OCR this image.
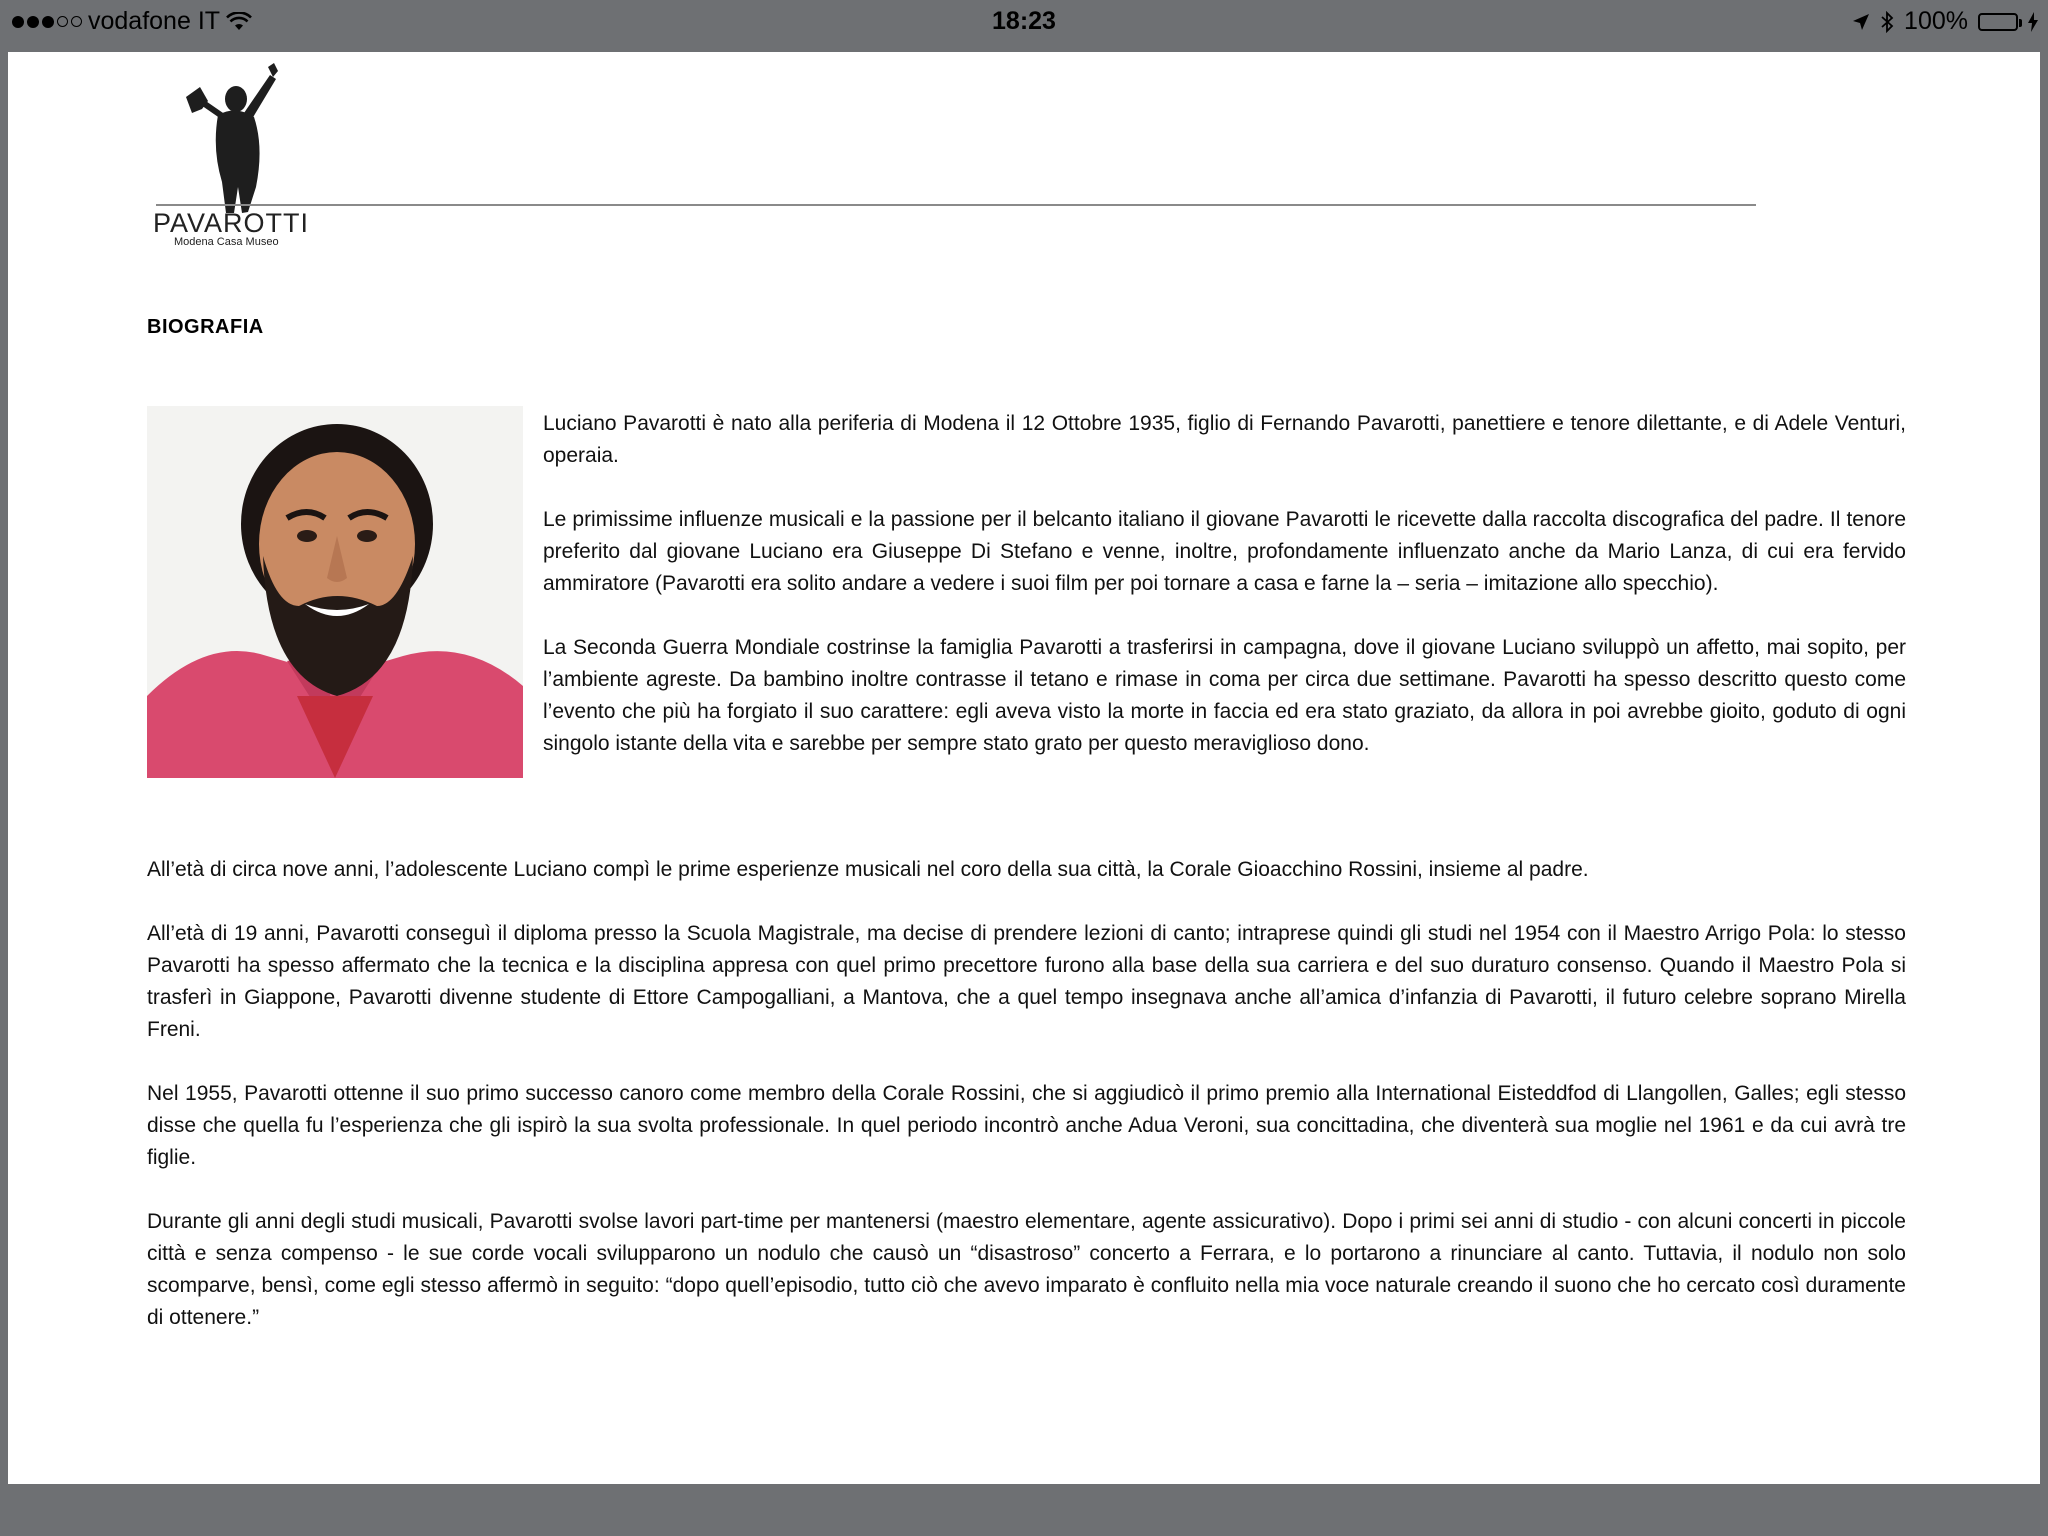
vodafone IT	18:23	100%
PAVAROTTI
Modena Casa Museo
BIOGRAFIA

Luciano Pavarotti è nato alla periferia di Modena il 12 Ottobre 1935, figlio di Fernando Pavarotti, panettiere e tenore dilettante, e di Adele Venturi, operaia.

Le primissime influenze musicali e la passione per il belcanto italiano il giovane Pavarotti le ricevette dalla raccolta discografica del padre. Il tenore preferito dal giovane Luciano era Giuseppe Di Stefano e venne, inoltre, profondamente influenzato anche da Mario Lanza, di cui era fervido ammiratore (Pavarotti era solito andare a vedere i suoi film per poi tornare a casa e farne la – seria – imitazione allo specchio).

La Seconda Guerra Mondiale costrinse la famiglia Pavarotti a trasferirsi in campagna, dove il giovane Luciano sviluppò un affetto, mai sopito, per l’ambiente agreste. Da bambino inoltre contrasse il tetano e rimase in coma per circa due settimane. Pavarotti ha spesso descritto questo come l’evento che più ha forgiato il suo carattere: egli aveva visto la morte in faccia ed era stato graziato, da allora in poi avrebbe gioito, goduto di ogni singolo istante della vita e sarebbe per sempre stato grato per questo meraviglioso dono.

All’età di circa nove anni, l’adolescente Luciano compì le prime esperienze musicali nel coro della sua città, la Corale Gioacchino Rossini, insieme al padre.

All’età di 19 anni, Pavarotti conseguì il diploma presso la Scuola Magistrale, ma decise di prendere lezioni di canto; intraprese quindi gli studi nel 1954 con il Maestro Arrigo Pola: lo stesso Pavarotti ha spesso affermato che la tecnica e la disciplina appresa con quel primo precettore furono alla base della sua carriera e del suo duraturo consenso. Quando il Maestro Pola si trasferì in Giappone, Pavarotti divenne studente di Ettore Campogalliani, a Mantova, che a quel tempo insegnava anche all’amica d’infanzia di Pavarotti, il futuro celebre soprano Mirella Freni.

Nel 1955, Pavarotti ottenne il suo primo successo canoro come membro della Corale Rossini, che si aggiudicò il primo premio alla International Eisteddfod di Llangollen, Galles; egli stesso disse che quella fu l’esperienza che gli ispirò la sua svolta professionale. In quel periodo incontrò anche Adua Veroni, sua concittadina, che diventerà sua moglie nel 1961 e da cui avrà tre figlie.

Durante gli anni degli studi musicali, Pavarotti svolse lavori part-time per mantenersi (maestro elementare, agente assicurativo). Dopo i primi sei anni di studio - con alcuni concerti in piccole città e senza compenso - le sue corde vocali svilupparono un nodulo che causò un “disastroso” concerto a Ferrara, e lo portarono a rinunciare al canto. Tuttavia, il nodulo non solo scomparve, bensì, come egli stesso affermò in seguito: “dopo quell’episodio, tutto ciò che avevo imparato è confluito nella mia voce naturale creando il suono che ho cercato così duramente di ottenere.”
